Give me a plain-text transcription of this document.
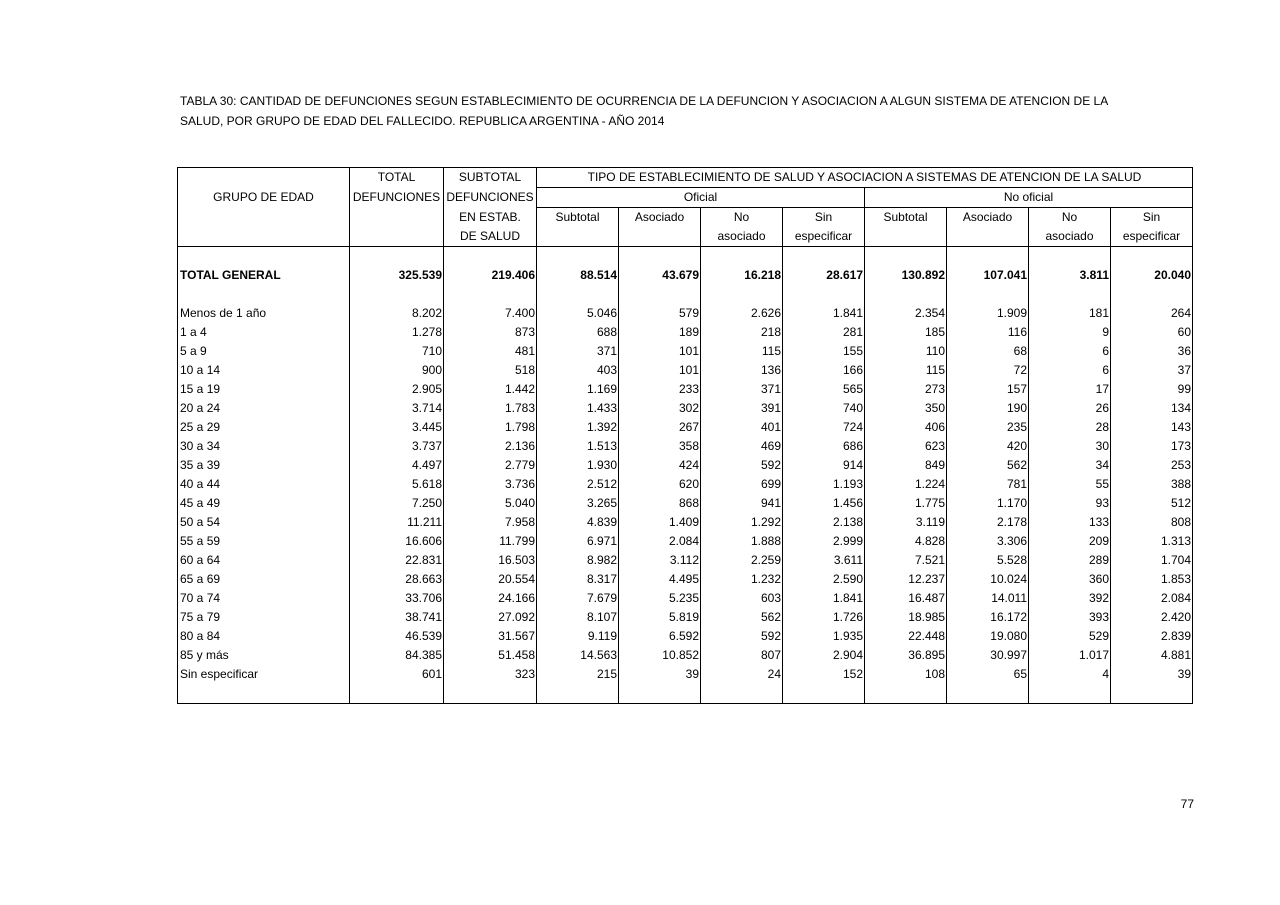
TABLA 30: CANTIDAD DE DEFUNCIONES SEGUN ESTABLECIMIENTO DE OCURRENCIA DE LA DEFUNCION Y ASOCIACION A ALGUN SISTEMA DE ATENCION DE LA
SALUD, POR GRUPO DE EDAD DEL FALLECIDO. REPUBLICA ARGENTINA - AÑO 2014
	TOTAL	SUBTOTAL	TIPO DE ESTABLECIMIENTO DE SALUD Y ASOCIACION A SISTEMAS DE ATENCION DE LA SALUD							
GRUPO DE EDAD	DEFUNCIONES	DEFUNCIONES	Oficial				No oficial			
		EN ESTAB.	Subtotal	Asociado	No	Sin	Subtotal	Asociado	No	Sin
		DE SALUD			asociado	especificar			asociado	especificar

TOTAL GENERAL	325.539	219.406	88.514	43.679	16.218	28.617	130.892	107.041	3.811	20.040

Menos de 1 año	8.202	7.400	5.046	579	2.626	1.841	2.354	1.909	181	264
1 a 4	1.278	873	688	189	218	281	185	116	9	60
5 a 9	710	481	371	101	115	155	110	68	6	36
10 a 14	900	518	403	101	136	166	115	72	6	37
15 a 19	2.905	1.442	1.169	233	371	565	273	157	17	99
20 a 24	3.714	1.783	1.433	302	391	740	350	190	26	134
25 a 29	3.445	1.798	1.392	267	401	724	406	235	28	143
30 a 34	3.737	2.136	1.513	358	469	686	623	420	30	173
35 a 39	4.497	2.779	1.930	424	592	914	849	562	34	253
40 a 44	5.618	3.736	2.512	620	699	1.193	1.224	781	55	388
45 a 49	7.250	5.040	3.265	868	941	1.456	1.775	1.170	93	512
50 a 54	11.211	7.958	4.839	1.409	1.292	2.138	3.119	2.178	133	808
55 a 59	16.606	11.799	6.971	2.084	1.888	2.999	4.828	3.306	209	1.313
60 a 64	22.831	16.503	8.982	3.112	2.259	3.611	7.521	5.528	289	1.704
65 a 69	28.663	20.554	8.317	4.495	1.232	2.590	12.237	10.024	360	1.853
70 a 74	33.706	24.166	7.679	5.235	603	1.841	16.487	14.011	392	2.084
75 a 79	38.741	27.092	8.107	5.819	562	1.726	18.985	16.172	393	2.420
80 a 84	46.539	31.567	9.119	6.592	592	1.935	22.448	19.080	529	2.839
85 y más	84.385	51.458	14.563	10.852	807	2.904	36.895	30.997	1.017	4.881
Sin especificar	601	323	215	39	24	152	108	65	4	39

77
